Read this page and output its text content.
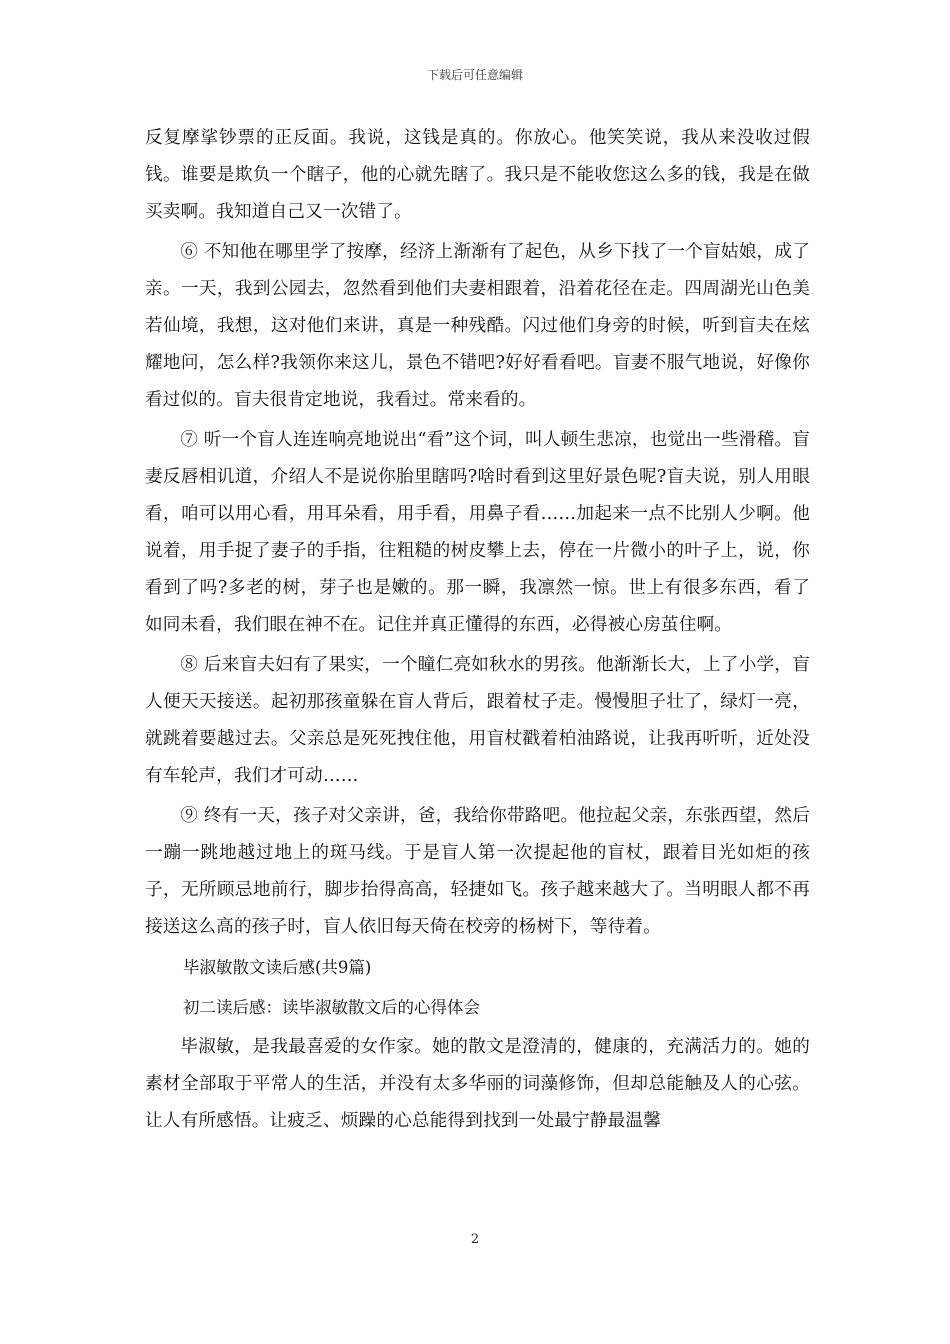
下载后可任意编辑

反复摩挲钞票的正反面。我说，这钱是真的。你放心。他笑笑说，我从来没收过假钱。谁要是欺负一个瞎子，他的心就先瞎了。我只是不能收您这么多的钱，我是在做买卖啊。我知道自己又一次错了。

⑥ 不知他在哪里学了按摩，经济上渐渐有了起色，从乡下找了一个盲姑娘，成了亲。一天，我到公园去，忽然看到他们夫妻相跟着，沿着花径在走。四周湖光山色美若仙境，我想，这对他们来讲，真是一种残酷。闪过他们身旁的时候，听到盲夫在炫耀地问，怎么样?我领你来这儿，景色不错吧?好好看看吧。盲妻不服气地说，好像你看过似的。盲夫很肯定地说，我看过。常来看的。

⑦ 听一个盲人连连响亮地说出“看”这个词，叫人顿生悲凉，也觉出一些滑稽。盲妻反唇相讥道，介绍人不是说你胎里瞎吗?啥时看到这里好景色呢?盲夫说，别人用眼看，咱可以用心看，用耳朵看，用手看，用鼻子看……加起来一点不比别人少啊。他说着，用手捉了妻子的手指，往粗糙的树皮攀上去，停在一片微小的叶子上，说，你看到了吗?多老的树，芽子也是嫩的。那一瞬，我凛然一惊。世上有很多东西，看了如同未看，我们眼在神不在。记住并真正懂得的东西，必得被心房茧住啊。

⑧ 后来盲夫妇有了果实，一个瞳仁亮如秋水的男孩。他渐渐长大，上了小学，盲人便天天接送。起初那孩童躲在盲人背后，跟着杖子走。慢慢胆子壮了，绿灯一亮，就跳着要越过去。父亲总是死死拽住他，用盲杖戳着柏油路说，让我再听听，近处没有车轮声，我们才可动……

⑨ 终有一天，孩子对父亲讲，爸，我给你带路吧。他拉起父亲，东张西望，然后一蹦一跳地越过地上的斑马线。于是盲人第一次提起他的盲杖，跟着目光如炬的孩子，无所顾忌地前行，脚步抬得高高，轻捷如飞。孩子越来越大了。当明眼人都不再接送这么高的孩子时，盲人依旧每天倚在校旁的杨树下，等待着。

毕淑敏散文读后感(共9篇)

初二读后感：读毕淑敏散文后的心得体会

毕淑敏，是我最喜爱的女作家。她的散文是澄清的，健康的，充满活力的。她的素材全部取于平常人的生活，并没有太多华丽的词藻修饰，但却总能触及人的心弦。让人有所感悟。让疲乏、烦躁的心总能得到找到一处最宁静最温馨

2
